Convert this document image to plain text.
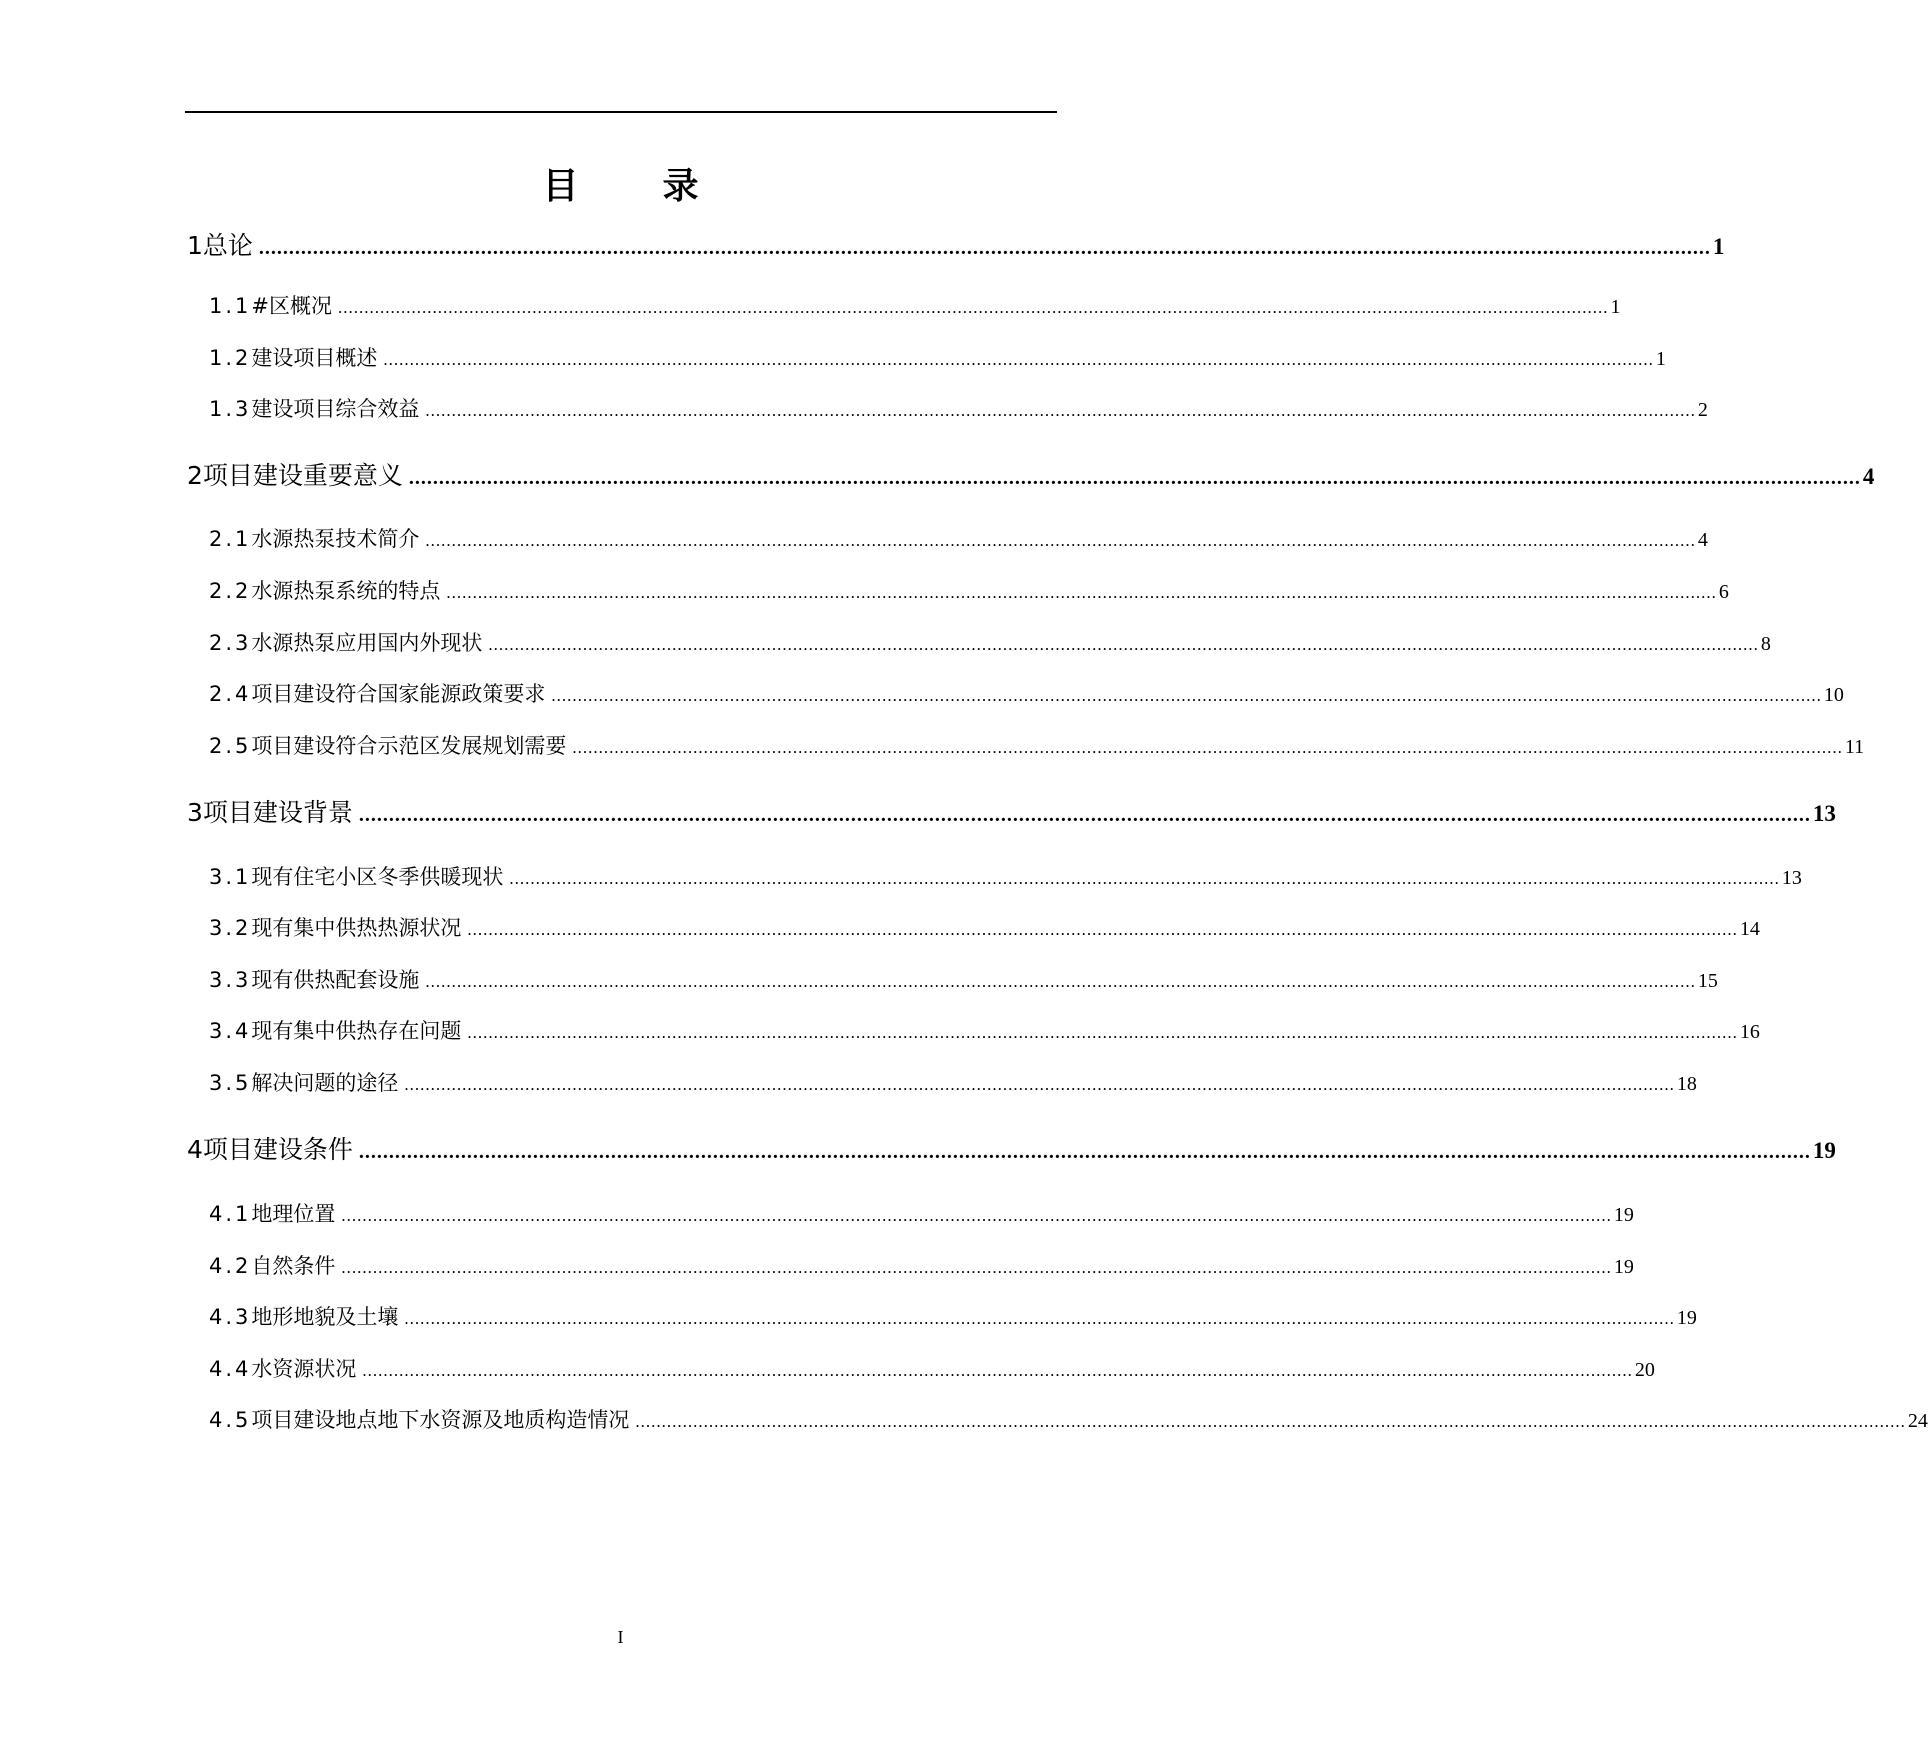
目 录
1 总论 .................................................................................................................................................................................................................................................. 1
1.1 #区概况 .................................................................................................................................................................................................................................................. 1
1.2 建设项目概述 .................................................................................................................................................................................................................................................. 1
1.3 建设项目综合效益 .................................................................................................................................................................................................................................................. 2
2 项目建设重要意义 .................................................................................................................................................................................................................................................. 4
2.1 水源热泵技术简介 .................................................................................................................................................................................................................................................. 4
2.2 水源热泵系统的特点 .................................................................................................................................................................................................................................................. 6
2.3 水源热泵应用国内外现状 .................................................................................................................................................................................................................................................. 8
2.4 项目建设符合国家能源政策要求 .................................................................................................................................................................................................................................................. 10
2.5 项目建设符合示范区发展规划需要 .................................................................................................................................................................................................................................................. 11
3 项目建设背景 .................................................................................................................................................................................................................................................. 13
3.1 现有住宅小区冬季供暖现状 .................................................................................................................................................................................................................................................. 13
3.2 现有集中供热热源状况 .................................................................................................................................................................................................................................................. 14
3.3 现有供热配套设施 .................................................................................................................................................................................................................................................. 15
3.4 现有集中供热存在问题 .................................................................................................................................................................................................................................................. 16
3.5 解决问题的途径 .................................................................................................................................................................................................................................................. 18
4 项目建设条件 .................................................................................................................................................................................................................................................. 19
4.1 地理位置 .................................................................................................................................................................................................................................................. 19
4.2 自然条件 .................................................................................................................................................................................................................................................. 19
4.3 地形地貌及土壤 .................................................................................................................................................................................................................................................. 19
4.4 水资源状况 .................................................................................................................................................................................................................................................. 20
4.5 项目建设地点地下水资源及地质构造情况 .................................................................................................................................................................................................................................................. 24
I
